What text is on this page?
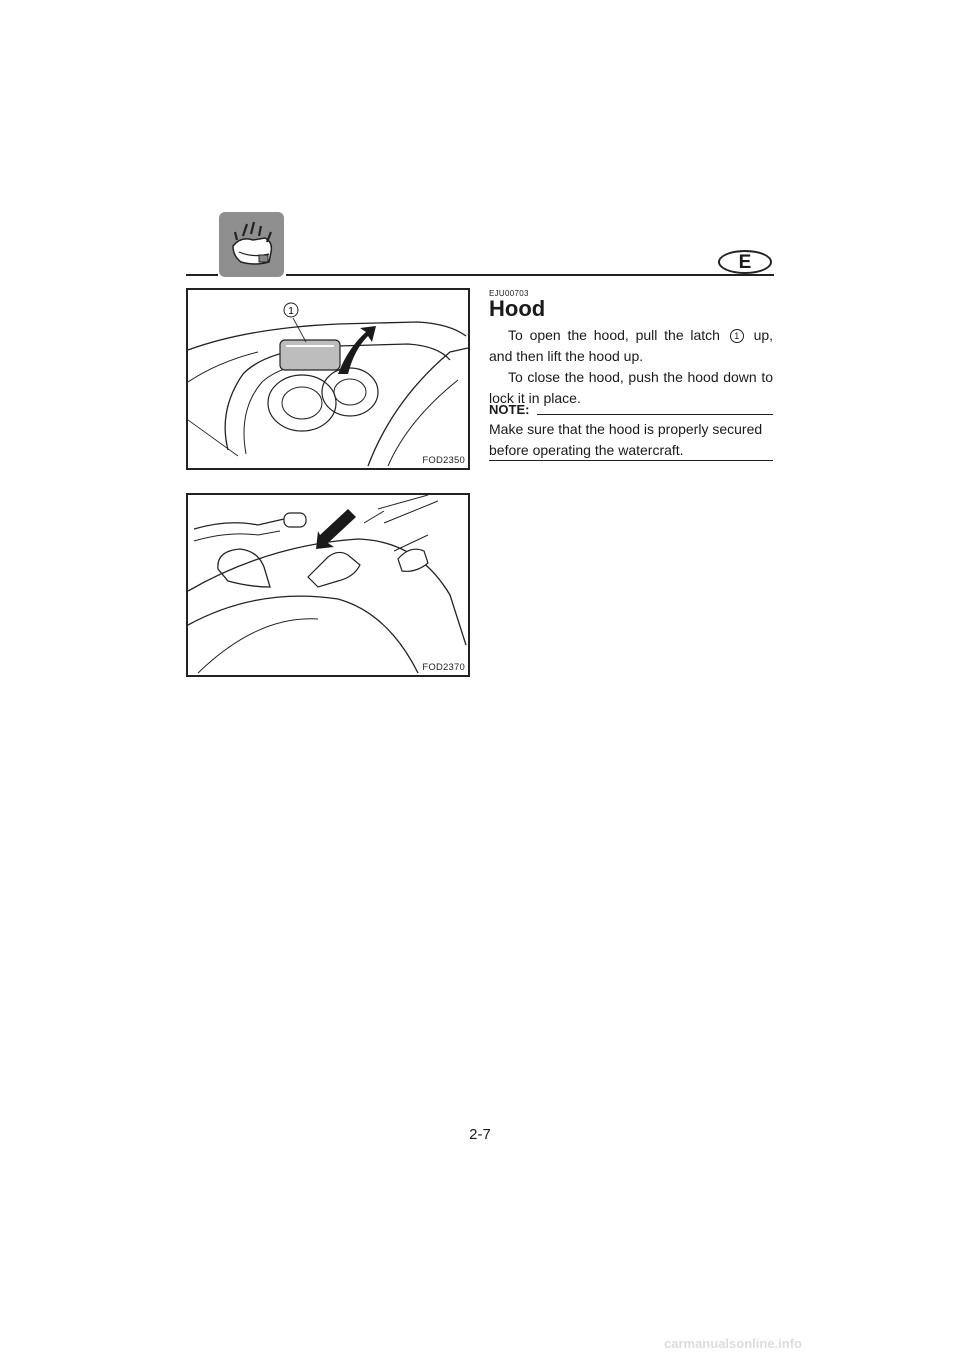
E
1
FOD2350
FOD2370
EJU00703
Hood
To open the hood, pull the latch 1 up, and then lift the hood up.
To close the hood, push the hood down to lock it in place.
NOTE:
Make sure that the hood is properly secured before operating the watercraft.
2-7
carmanualsonline.info
